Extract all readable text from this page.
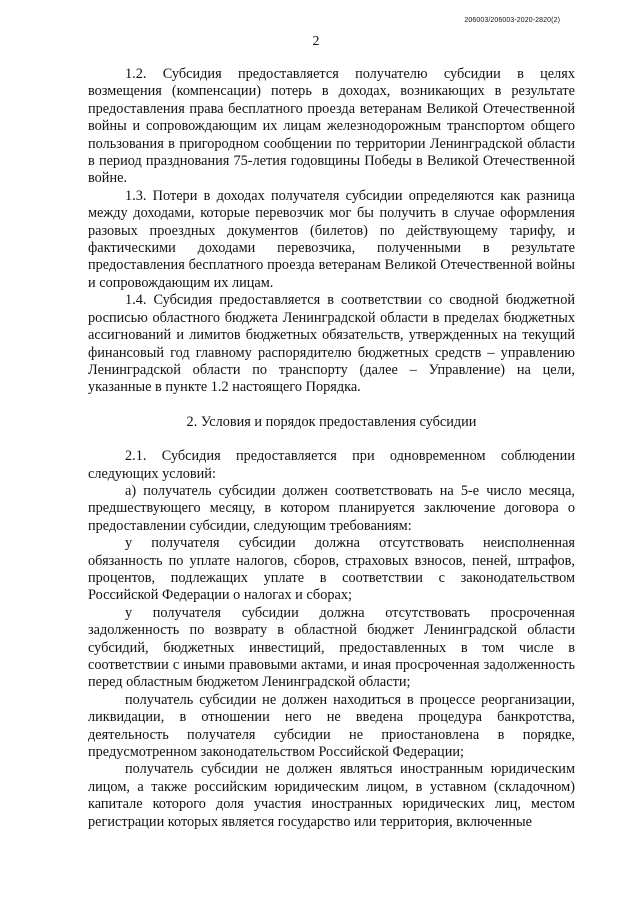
206003/206003-2020-2820(2)
2

1.2. Субсидия предоставляется получателю субсидии в целях возмещения (компенсации) потерь в доходах, возникающих в результате предоставления права бесплатного проезда ветеранам Великой Отечественной войны и сопровождающим их лицам железнодорожным транспортом общего пользования в пригородном сообщении по территории Ленинградской области в период празднования 75-летия годовщины Победы в Великой Отечественной войне.

1.3. Потери в доходах получателя субсидии определяются как разница между доходами, которые перевозчик мог бы получить в случае оформления разовых проездных документов (билетов) по действующему тарифу, и фактическими доходами перевозчика, полученными в результате предоставления бесплатного проезда ветеранам Великой Отечественной войны и сопровождающим их лицам.

1.4. Субсидия предоставляется в соответствии со сводной бюджетной росписью областного бюджета Ленинградской области в пределах бюджетных ассигнований и лимитов бюджетных обязательств, утвержденных на текущий финансовый год главному распорядителю бюджетных средств – управлению Ленинградской области по транспорту (далее – Управление) на цели, указанные в пункте 1.2 настоящего Порядка.

2. Условия и порядок предоставления субсидии

2.1. Субсидия предоставляется при одновременном соблюдении следующих условий:

а) получатель субсидии должен соответствовать на 5-е число месяца, предшествующего месяцу, в котором планируется заключение договора о предоставлении субсидии, следующим требованиям:

у получателя субсидии должна отсутствовать неисполненная обязанность по уплате налогов, сборов, страховых взносов, пеней, штрафов, процентов, подлежащих уплате в соответствии с законодательством Российской Федерации о налогах и сборах;

у получателя субсидии должна отсутствовать просроченная задолженность по возврату в областной бюджет Ленинградской области субсидий, бюджетных инвестиций, предоставленных в том числе в соответствии с иными правовыми актами, и иная просроченная задолженность перед областным бюджетом Ленинградской области;

получатель субсидии не должен находиться в процессе реорганизации, ликвидации, в отношении него не введена процедура банкротства, деятельность получателя субсидии не приостановлена в порядке, предусмотренном законодательством Российской Федерации;

получатель субсидии не должен являться иностранным юридическим лицом, а также российским юридическим лицом, в уставном (складочном) капитале которого доля участия иностранных юридических лиц, местом регистрации которых является государство или территория, включенные
